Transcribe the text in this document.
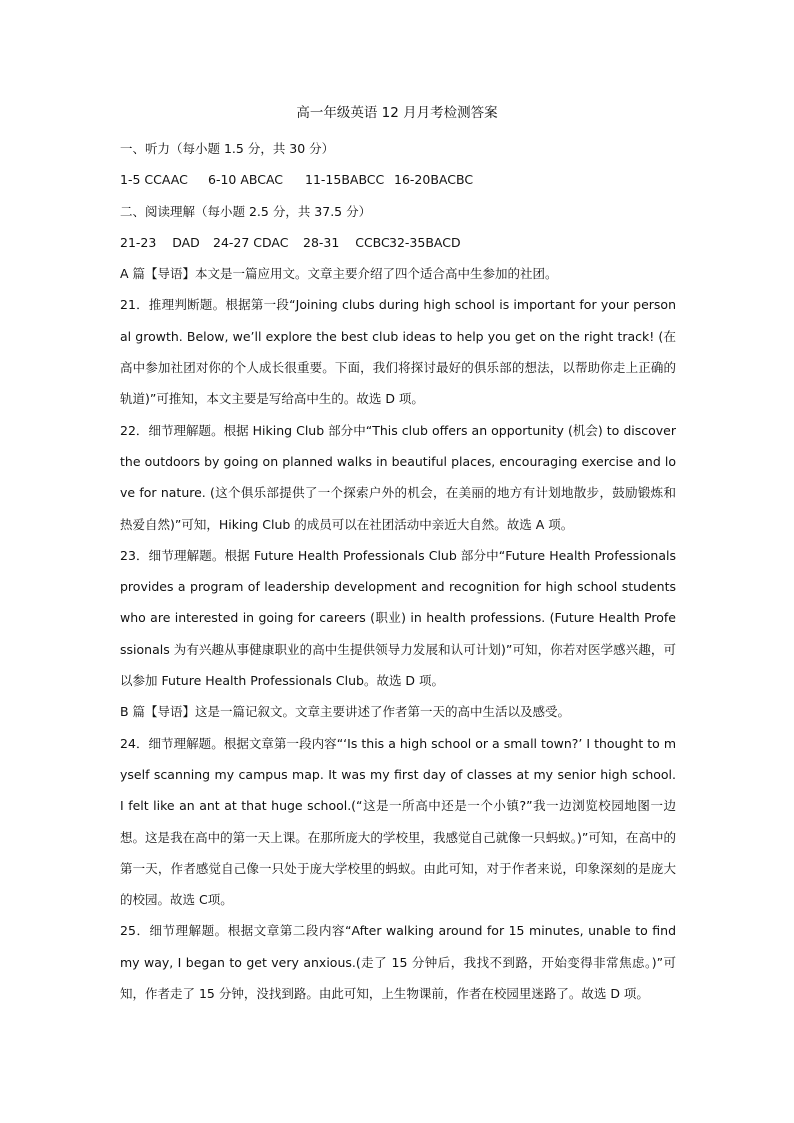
高一年级英语 12 月月考检测答案

一、听力（每小题 1.5 分，共 30 分）

1-5 CCAAC 6-10 ABCAC 11-15BABCC 16-20BACBC

二、阅读理解（每小题 2.5 分，共 37.5 分）

21-23    DAD 24-27 CDAC 28-31    CCBC32-35BACD

A 篇【导语】本文是一篇应用文。文章主要介绍了四个适合高中生参加的社团。

21．推理判断题。根据第一段“Joining clubs during high school is important for your personal growth. Below, we’ll explore the best club ideas to help you get on the right track! (在高中参加社团对你的个人成长很重要。下面，我们将探讨最好的俱乐部的想法，以帮助你走上正确的轨道)”可推知，本文主要是写给高中生的。故选 D 项。

22．细节理解题。根据 Hiking Club 部分中“This club offers an opportunity (机会) to discover the outdoors by going on planned walks in beautiful places, encouraging exercise and love for nature. (这个俱乐部提供了一个探索户外的机会，在美丽的地方有计划地散步，鼓励锻炼和热爱自然)”可知，Hiking Club 的成员可以在社团活动中亲近大自然。故选 A 项。

23．细节理解题。根据 Future Health Professionals Club 部分中“Future Health Professionals provides a program of leadership development and recognition for high school students who are interested in going for careers (职业) in health professions. (Future Health Professionals 为有兴趣从事健康职业的高中生提供领导力发展和认可计划)”可知，你若对医学感兴趣，可以参加 Future Health Professionals Club。故选 D 项。

B 篇【导语】这是一篇记叙文。文章主要讲述了作者第一天的高中生活以及感受。

24．细节理解题。根据文章第一段内容“‘Is this a high school or a small town?’ I thought to myself scanning my campus map. It was my first day of classes at my senior high school. I felt like an ant at that huge school.(“这是一所高中还是一个小镇?”我一边浏览校园地图一边想。这是我在高中的第一天上课。在那所庞大的学校里，我感觉自己就像一只蚂蚁。)”可知，在高中的第一天，作者感觉自己像一只处于庞大学校里的蚂蚁。由此可知，对于作者来说，印象深刻的是庞大的校园。故选 C项。

25．细节理解题。根据文章第二段内容“After walking around for 15 minutes, unable to find my way, I began to get very anxious.(走了 15 分钟后，我找不到路，开始变得非常焦虑。)”可知，作者走了 15 分钟，没找到路。由此可知，上生物课前，作者在校园里迷路了。故选 D 项。
